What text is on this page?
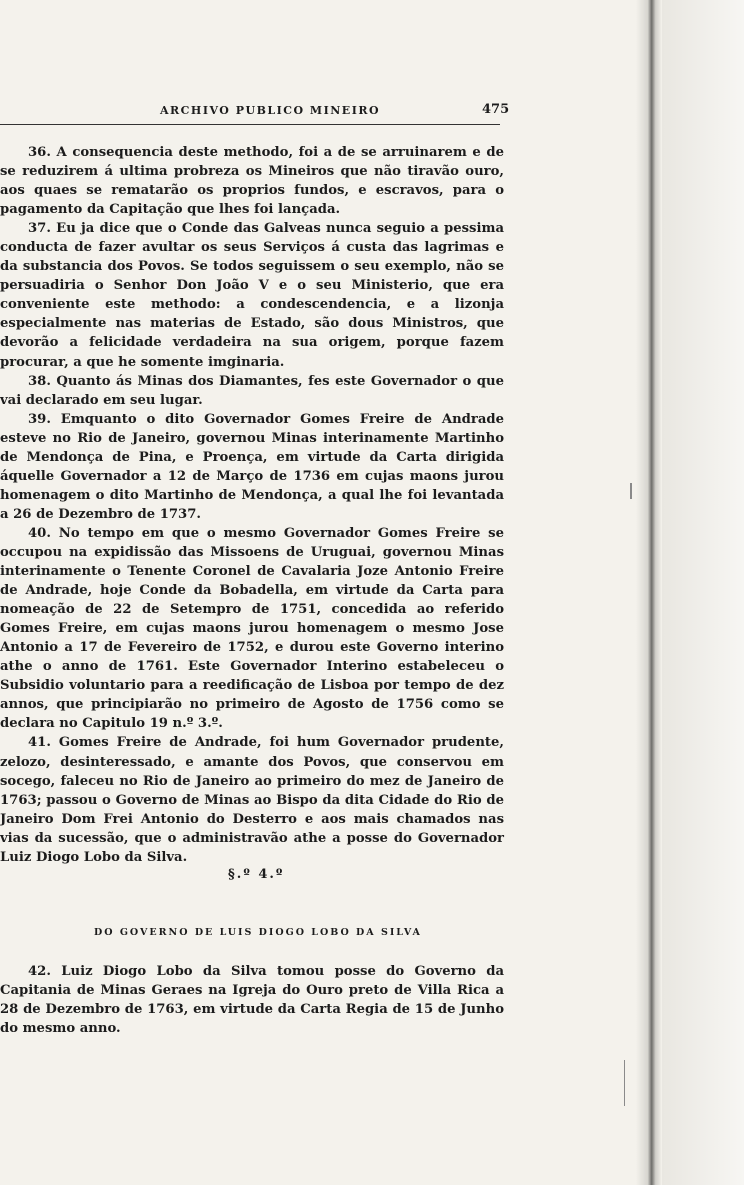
ARCHIVO PUBLICO MINEIRO	475

36. A consequencia deste methodo, foi a de se arruinarem e de se reduzirem á ultima probreza os Mineiros que não tiravão ouro, aos quaes se rematarão os proprios fundos, e escravos, para o pagamento da Capitação que lhes foi lançada.

37. Eu ja dice que o Conde das Galveas nunca seguio a pessima conducta de fazer avultar os seus Serviços á custa das lagrimas e da substancia dos Povos. Se todos seguissem o seu exemplo, não se persuadiria o Senhor Don João V e o seu Ministerio, que era conveniente este methodo: a condescendencia, e a lizonja especialmente nas materias de Estado, são dous Ministros, que devorão a felicidade verdadeira na sua origem, porque fazem procurar, a que he somente imginaria.

38. Quanto ás Minas dos Diamantes, fes este Governador o que vai declarado em seu lugar.

39. Emquanto o dito Governador Gomes Freire de Andrade esteve no Rio de Janeiro, governou Minas interinamente Martinho de Mendonça de Pina, e Proença, em virtude da Carta dirigida áquelle Governador a 12 de Março de 1736 em cujas maons jurou homenagem o dito Martinho de Mendonça, a qual lhe foi levantada a 26 de Dezembro de 1737.

40. No tempo em que o mesmo Governador Gomes Freire se occupou na expidissão das Missoens de Uruguai, governou Minas interinamente o Tenente Coronel de Cavalaria Joze Antonio Freire de Andrade, hoje Conde da Bobadella, em virtude da Carta para nomeação de 22 de Setempro de 1751, concedida ao referido Gomes Freire, em cujas maons jurou homenagem o mesmo Jose Antonio a 17 de Fevereiro de 1752, e durou este Governo interino athe o anno de 1761. Este Governador Interino estabeleceu o Subsidio voluntario para a reedificação de Lisboa por tempo de dez annos, que principiarão no primeiro de Agosto de 1756 como se declara no Capitulo 19 n.º 3.º.

41. Gomes Freire de Andrade, foi hum Governador prudente, zelozo, desinteressado, e amante dos Povos, que conservou em socego, faleceu no Rio de Janeiro ao primeiro do mez de Janeiro de 1763; passou o Governo de Minas ao Bispo da dita Cidade do Rio de Janeiro Dom Frei Antonio do Desterro e aos mais chamados nas vias da sucessão, que o administravão athe a posse do Governador Luiz Diogo Lobo da Silva.

§.º 4.º
DO GOVERNO DE LUIS DIOGO LOBO DA SILVA

42. Luiz Diogo Lobo da Silva tomou posse do Governo da Capitania de Minas Geraes na Igreja do Ouro preto de Villa Rica a 28 de Dezembro de 1763, em virtude da Carta Regia de 15 de Junho do mesmo anno.
